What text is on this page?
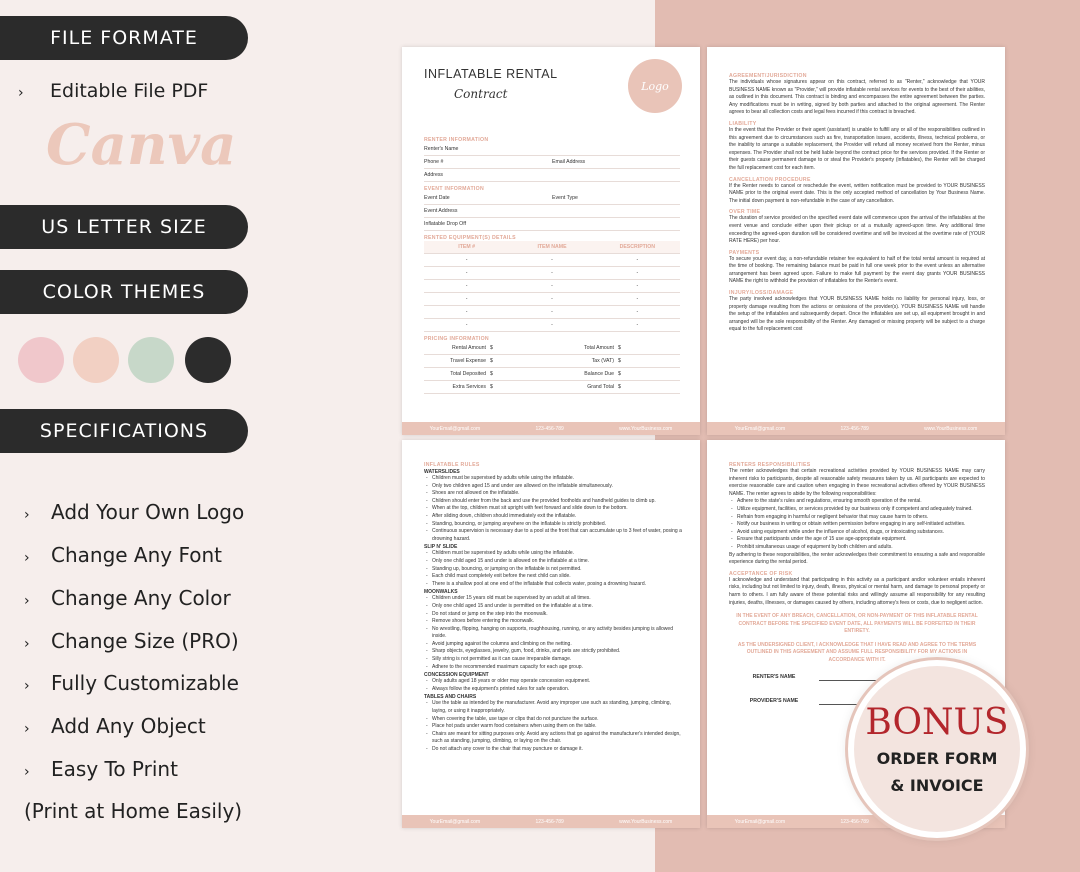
FILE FORMATE
› Editable File PDF
Canva
US LETTER SIZE
COLOR THEMES
SPECIFICATIONS
› Add Your Own Logo
› Change Any Font
› Change Any Color
› Change Size (PRO)
› Fully Customizable
› Add Any Object
› Easy To Print
(Print at Home Easily)
INFLATABLE RENTAL
Contract
Logo
RENTER INFORMATION
Renter's Name
Phone #	Email Address
Address
EVENT INFORMATION
Event Date	Event Type
Event Address
Inflatable Drop Off
RENTED EQUIPMENT(S) DETAILS
ITEM #	ITEM NAME	DESCRIPTION
-	-	-
-	-	-
-	-	-
-	-	-
-	-	-
-	-	-
PRICING INFORMATION
Rental Amount $	Total Amount $
Travel Expense $	Tax (VAT) $
Total Deposited $	Balance Due $
Extra Services $	Grand Total $
YourEmail@gmail.com	123-456-789	www.YourBusiness.com
AGREEMENT/JURISDICTION
The individuals whose signatures appear on this contract, referred to as "Renter," acknowledge that YOUR BUSINESS NAME known as "Provider," will provide inflatable rental services for events to the best of their abilities, as outlined in this document. This contract is binding and encompasses the entire agreement between the parties. Any modifications must be in writing, signed by both parties and attached to the original agreement. The Renter agrees to bear all collection costs and legal fees incurred if this contract is breached.
LIABILITY
In the event that the Provider or their agent (assistant) is unable to fulfill any or all of the responsibilities outlined in this agreement due to circumstances such as fire, transportation issues, accidents, illness, technical problems, or the inability to arrange a suitable replacement, the Provider will refund all money received from the Renter, minus expenses. The Provider shall not be held liable beyond the contract price for the services provided. If the Renter or their guests cause permanent damage to or steal the Provider's property (inflatables), the Renter will be charged the full replacement cost for each item.
CANCELLATION PROCEDURE
If the Renter needs to cancel or reschedule the event, written notification must be provided to YOUR BUSINESS NAME prior to the original event date. This is the only accepted method of cancellation by Your Business Name. The initial down payment is non-refundable in the case of any cancellation.
OVER TIME
The duration of service provided on the specified event date will commence upon the arrival of the inflatables at the event venue and conclude either upon their pickup or at a mutually agreed-upon time. Any additional time exceeding the agreed-upon duration will be considered overtime and will be invoiced at the overtime rate of (YOUR RATE HERE) per hour.
PAYMENTS
To secure your event day, a non-refundable retainer fee equivalent to half of the total rental amount is required at the time of booking. The remaining balance must be paid in full one week prior to the event unless an alternative arrangement has been agreed upon. Failure to make full payment by the event day grants YOUR BUSINESS NAME the right to withhold the provision of inflatables for the Renter's event.
INJURY/LOSS/DAMAGE
The party involved acknowledges that YOUR BUSINESS NAME holds no liability for personal injury, loss, or property damage resulting from the actions or omissions of the provider(s). YOUR BUSINESS NAME will handle the setup of the inflatables and subsequently depart. Once the inflatables are set up, all equipment brought in and arranged will be the sole responsibility of the Renter. Any damaged or missing property will be subject to a charge equal to the full replacement cost
YourEmail@gmail.com	123-456-789	www.YourBusiness.com
INFLATABLE RULES
WATERSLIDES
- Children must be supervised by adults while using the inflatable.
- Only two children aged 15 and under are allowed on the inflatable simultaneously.
- Shoes are not allowed on the inflatable.
- Children should enter from the back and use the provided footholds and handheld guides to climb up.
- When at the top, children must sit upright with feet forward and slide down to the bottom.
- After sliding down, children should immediately exit the inflatable.
- Standing, bouncing, or jumping anywhere on the inflatable is strictly prohibited.
- Continuous supervision is necessary due to a pool at the front that can accumulate up to 3 feet of water, posing a drowning hazard.
SLIP N' SLIDE
- Children must be supervised by adults while using the inflatable.
- Only one child aged 15 and under is allowed on the inflatable at a time.
- Standing up, bouncing, or jumping on the inflatable is not permitted.
- Each child must completely exit before the next child can slide.
- There is a shallow pool at one end of the inflatable that collects water, posing a drowning hazard.
MOONWALKS
- Children under 15 years old must be supervised by an adult at all times.
- Only one child aged 15 and under is permitted on the inflatable at a time.
- Do not stand or jump on the step into the moonwalk.
- Remove shoes before entering the moonwalk.
- No wrestling, flipping, hanging on supports, roughhousing, running, or any activity besides jumping is allowed inside.
- Avoid jumping against the columns and climbing on the netting.
- Sharp objects, eyeglasses, jewelry, gum, food, drinks, and pets are strictly prohibited.
- Silly string is not permitted as it can cause irreparable damage.
- Adhere to the recommended maximum capacity for each age group.
CONCESSION EQUIPMENT
- Only adults aged 18 years or older may operate concession equipment.
- Always follow the equipment's printed rules for safe operation.
TABLES AND CHAIRS
- Use the table as intended by the manufacturer. Avoid any improper use such as standing, jumping, climbing, laying, or using it inappropriately.
- When covering the table, use tape or clips that do not puncture the surface.
- Place hot pads under warm food containers when using them on the table.
- Chairs are meant for sitting purposes only. Avoid any actions that go against the manufacturer's intended design, such as standing, jumping, climbing, or laying on the chair.
- Do not attach any cover to the chair that may puncture or damage it.
YourEmail@gmail.com	123-456-789	www.YourBusiness.com
RENTERS RESPONSIBILITIES
The renter acknowledges that certain recreational activities provided by YOUR BUSINESS NAME may carry inherent risks to participants, despite all reasonable safety measures taken by us. All participants are expected to exercise reasonable care and caution when engaging in these recreational activities offered by YOUR BUSINESS NAME. The renter agrees to abide by the following responsibilities:
- Adhere to the state's rules and regulations, ensuring smooth operation of the rental.
- Utilize equipment, facilities, or services provided by our business only if competent and adequately trained.
- Refrain from engaging in harmful or negligent behavior that may cause harm to others.
- Notify our business in writing or obtain written permission before engaging in any self-initiated activities.
- Avoid using equipment while under the influence of alcohol, drugs, or intoxicating substances.
- Ensure that participants under the age of 15 use age-appropriate equipment.
- Prohibit simultaneous usage of equipment by both children and adults.
By adhering to these responsibilities, the renter acknowledges their commitment to ensuring a safe and responsible experience during the rental period.
ACCEPTANCE OF RISK
I acknowledge and understand that participating in this activity as a participant and/or volunteer entails inherent risks, including but not limited to injury, death, illness, physical or mental harm, and damage to personal property or harm to others. I am fully aware of these potential risks and willingly assume all responsibility for any resulting injuries, deaths, illnesses, or damages caused by others, including attorney's fees or costs, due to negligent action.
IN THE EVENT OF ANY BREACH, CANCELLATION, OR NON-PAYMENT OF THIS INFLATABLE RENTAL CONTRACT BEFORE THE SPECIFIED EVENT DATE, ALL PAYMENTS WILL BE FORFEITED IN THEIR ENTIRETY.
AS THE UNDERSIGNED CLIENT, I ACKNOWLEDGE THAT I HAVE READ AND AGREE TO THE TERMS OUTLINED IN THIS AGREEMENT AND ASSUME FULL RESPONSIBILITY FOR MY ACTIONS IN ACCORDANCE WITH IT.
RENTER'S NAME
PROVIDER'S NAME
YourEmail@gmail.com	123-456-789
BONUS
ORDER FORM
& INVOICE
